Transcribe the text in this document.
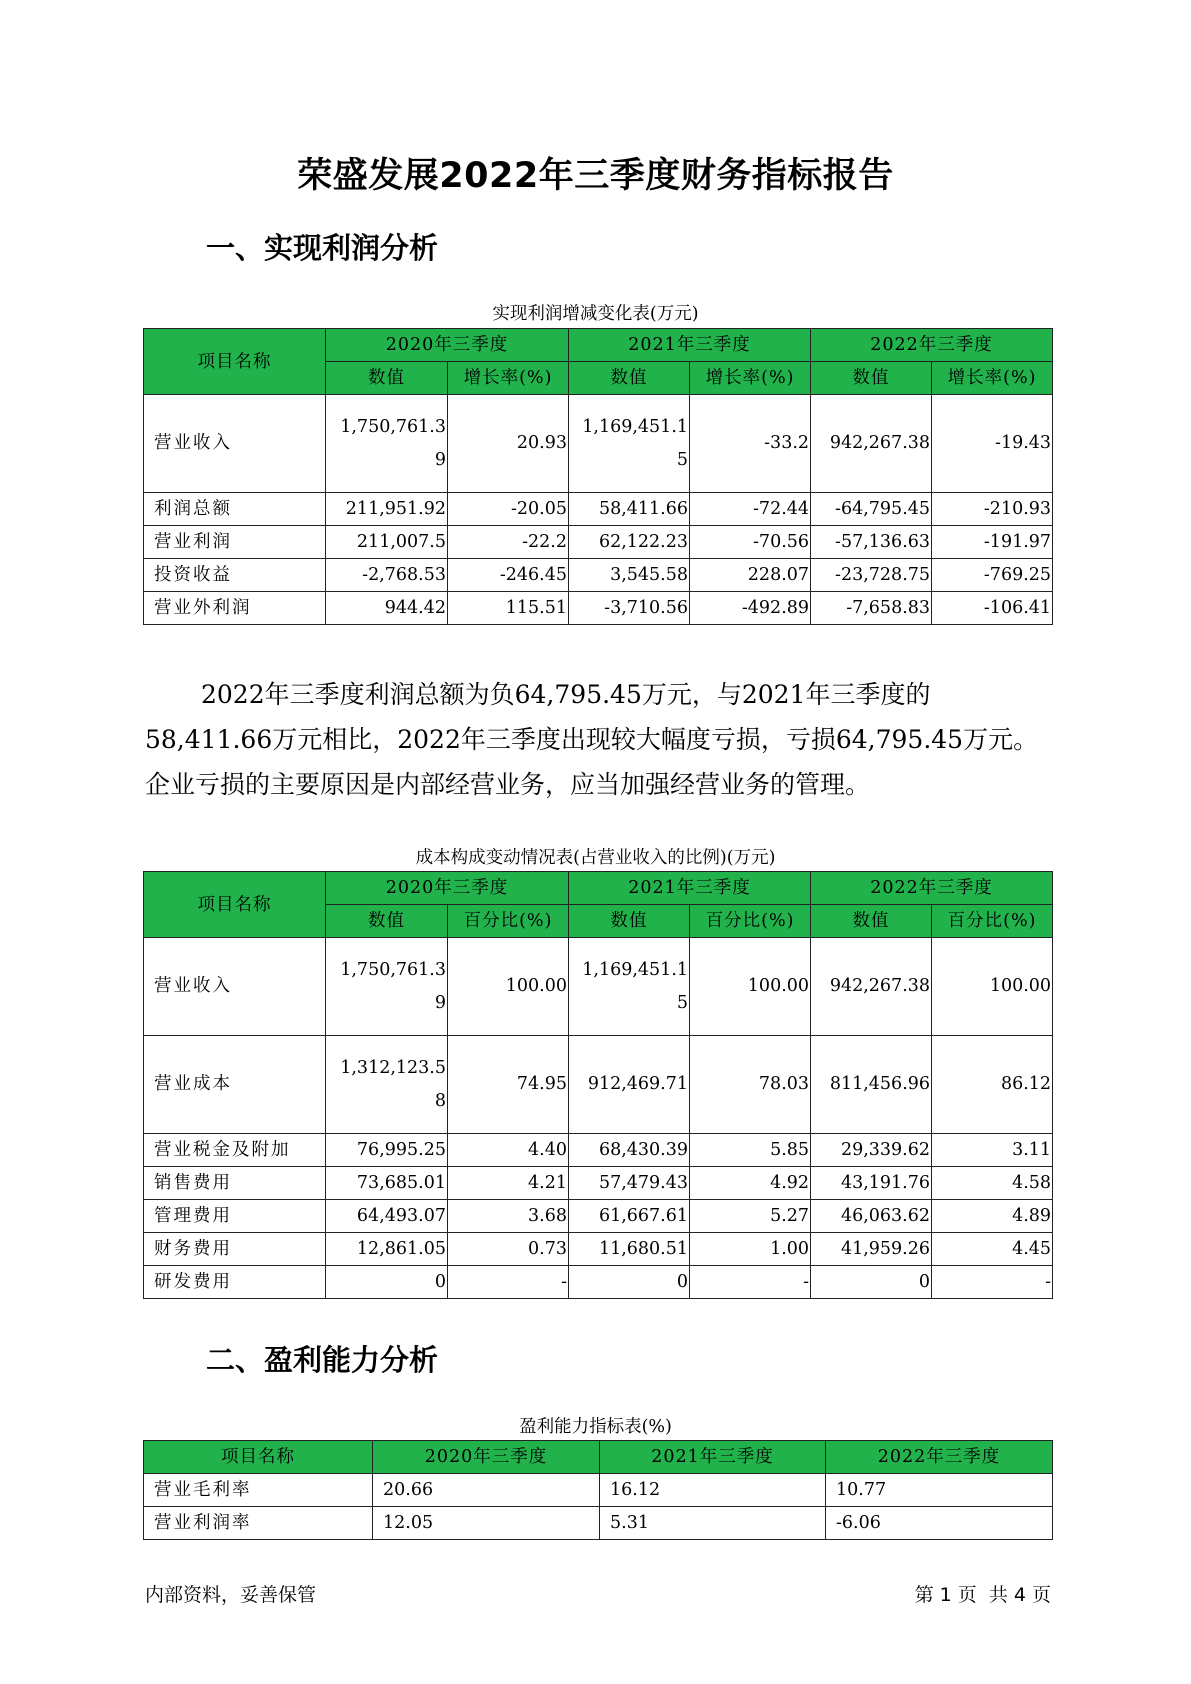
荣盛发展2022年三季度财务指标报告
一、实现利润分析
实现利润增减变化表(万元)
项目名称	2020年三季度		2021年三季度		2022年三季度	
	数值	增长率(%)	数值	增长率(%)	数值	增长率(%)
营业收入	1,750,761.39	20.93	1,169,451.15	-33.2	942,267.38	-19.43
利润总额	211,951.92	-20.05	58,411.66	-72.44	-64,795.45	-210.93
营业利润	211,007.5	-22.2	62,122.23	-70.56	-57,136.63	-191.97
投资收益	-2,768.53	-246.45	3,545.58	228.07	-23,728.75	-769.25
营业外利润	944.42	115.51	-3,710.56	-492.89	-7,658.83	-106.41
2022年三季度利润总额为负64,795.45万元，与2021年三季度的58,411.66万元相比，2022年三季度出现较大幅度亏损，亏损64,795.45万元。 企业亏损的主要原因是内部经营业务，应当加强经营业务的管理。
成本构成变动情况表(占营业收入的比例)(万元)
项目名称	2020年三季度		2021年三季度		2022年三季度	
	数值	百分比(%)	数值	百分比(%)	数值	百分比(%)
营业收入	1,750,761.39	100.00	1,169,451.15	100.00	942,267.38	100.00
营业成本	1,312,123.58	74.95	912,469.71	78.03	811,456.96	86.12
营业税金及附加	76,995.25	4.40	68,430.39	5.85	29,339.62	3.11
销售费用	73,685.01	4.21	57,479.43	4.92	43,191.76	4.58
管理费用	64,493.07	3.68	61,667.61	5.27	46,063.62	4.89
财务费用	12,861.05	0.73	11,680.51	1.00	41,959.26	4.45
研发费用	0	-	0	-	0	-
二、盈利能力分析
盈利能力指标表(%)
项目名称	2020年三季度	2021年三季度	2022年三季度
营业毛利率	20.66	16.12	10.77
营业利润率	12.05	5.31	-6.06
内部资料，妥善保管	第 1 页  共 4 页
